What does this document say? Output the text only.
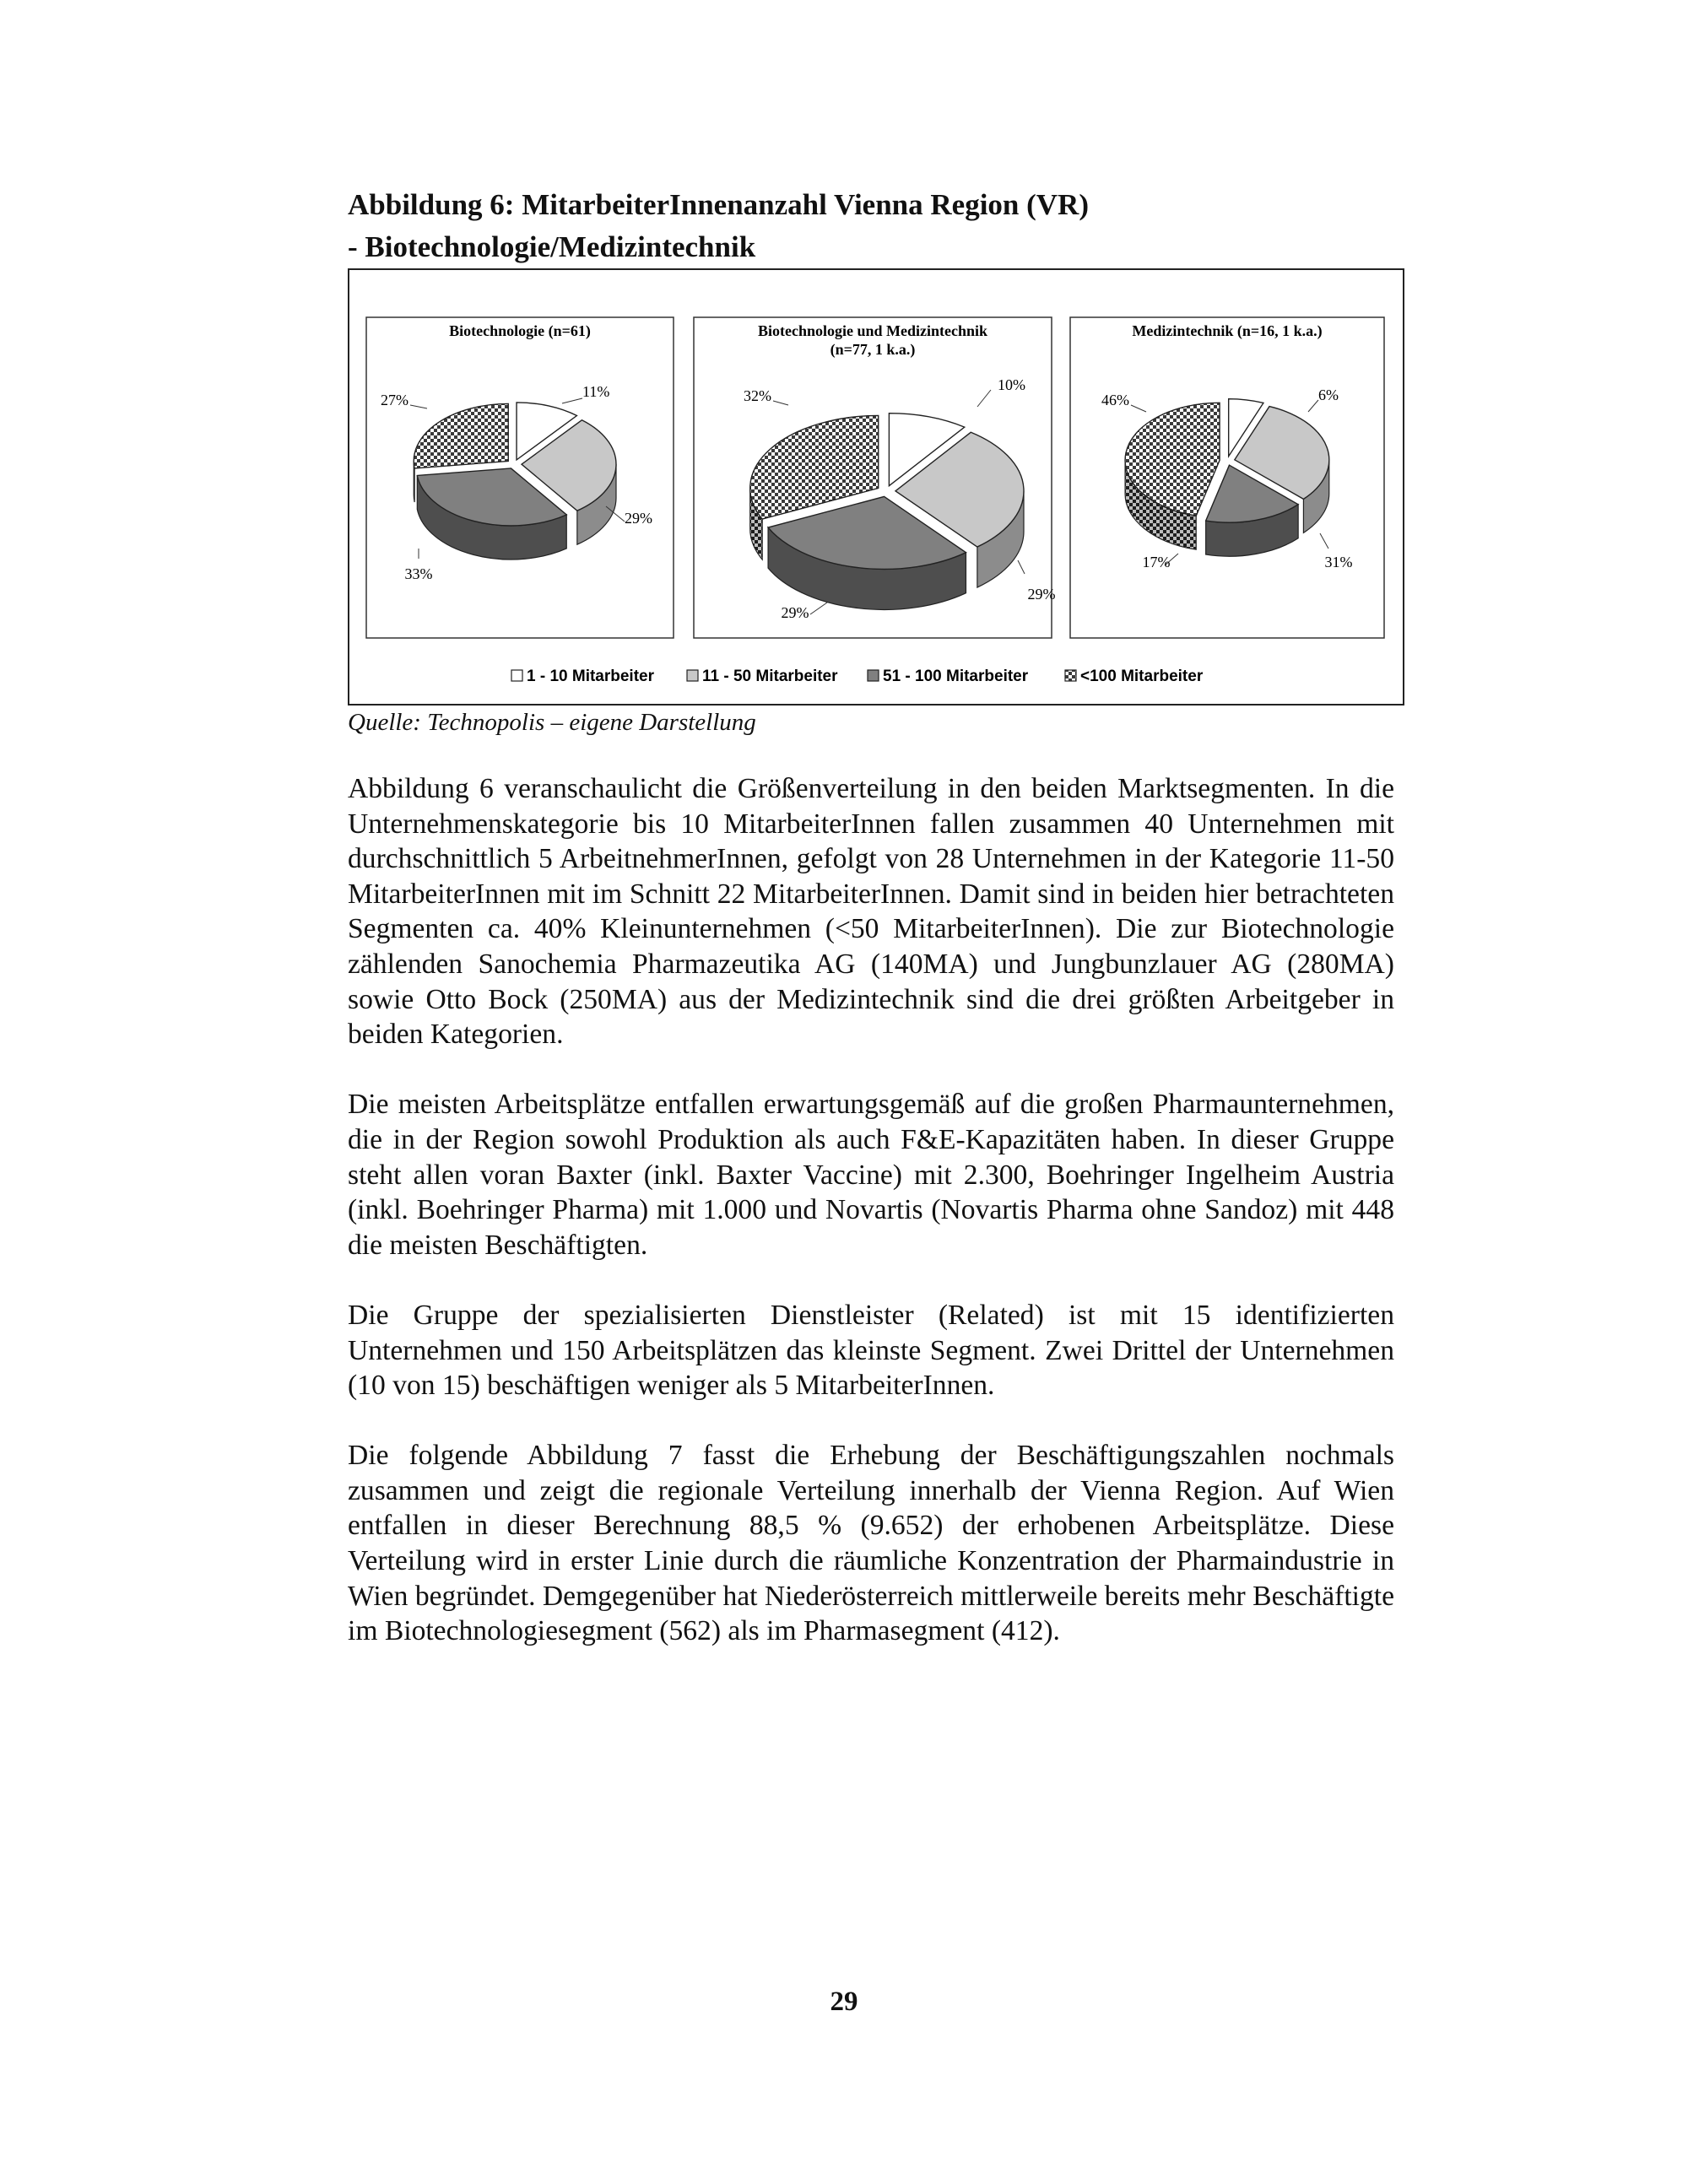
Abbildung 6: MitarbeiterInnenanzahl Vienna Region (VR)
- Biotechnologie/Medizintechnik
Biotechnologie (n=61)
11%
29%
33%
27%
Biotechnologie und Medizintechnik
(n=77, 1 k.a.)
10%
29%
29%
32%
Medizintechnik (n=16, 1 k.a.)
6%
31%
17%
46%
1 - 10 Mitarbeiter	11 - 50 Mitarbeiter	51 - 100 Mitarbeiter	<100 Mitarbeiter
Quelle: Technopolis – eigene Darstellung

Abbildung 6 veranschaulicht die Größenverteilung in den beiden Marktsegmenten. In die Unternehmenskategorie bis 10 MitarbeiterInnen fallen zusammen 40 Unternehmen mit durchschnittlich 5 ArbeitnehmerInnen, gefolgt von 28 Unternehmen in der Kategorie 11-50 MitarbeiterInnen mit im Schnitt 22 MitarbeiterInnen. Damit sind in beiden hier betrachteten Segmenten ca. 40% Kleinunternehmen (<50 MitarbeiterInnen). Die zur Biotechnologie zählenden Sanochemia Pharmazeutika AG (140MA) und Jungbunzlauer AG (280MA) sowie Otto Bock (250MA) aus der Medizintechnik sind die drei größten Arbeitgeber in beiden Kategorien.

Die meisten Arbeitsplätze entfallen erwartungsgemäß auf die großen Pharmaunternehmen, die in der Region sowohl Produktion als auch F&E-Kapazitäten haben. In dieser Gruppe steht allen voran Baxter (inkl. Baxter Vaccine) mit 2.300, Boehringer Ingelheim Austria (inkl. Boehringer Pharma) mit 1.000 und Novartis (Novartis Pharma ohne Sandoz) mit 448 die meisten Beschäftigten.

Die Gruppe der spezialisierten Dienstleister (Related) ist mit 15 identifizierten Unternehmen und 150 Arbeitsplätzen das kleinste Segment. Zwei Drittel der Unternehmen (10 von 15) beschäftigen weniger als 5 MitarbeiterInnen.

Die folgende Abbildung 7 fasst die Erhebung der Beschäftigungszahlen nochmals zusammen und zeigt die regionale Verteilung innerhalb der Vienna Region. Auf Wien entfallen in dieser Berechnung 88,5 % (9.652) der erhobenen Arbeitsplätze. Diese Verteilung wird in erster Linie durch die räumliche Konzentration der Pharmaindustrie in Wien begründet. Demgegenüber hat Niederösterreich mittlerweile bereits mehr Beschäftigte im Biotechnologiesegment (562) als im Pharmasegment (412).

29
